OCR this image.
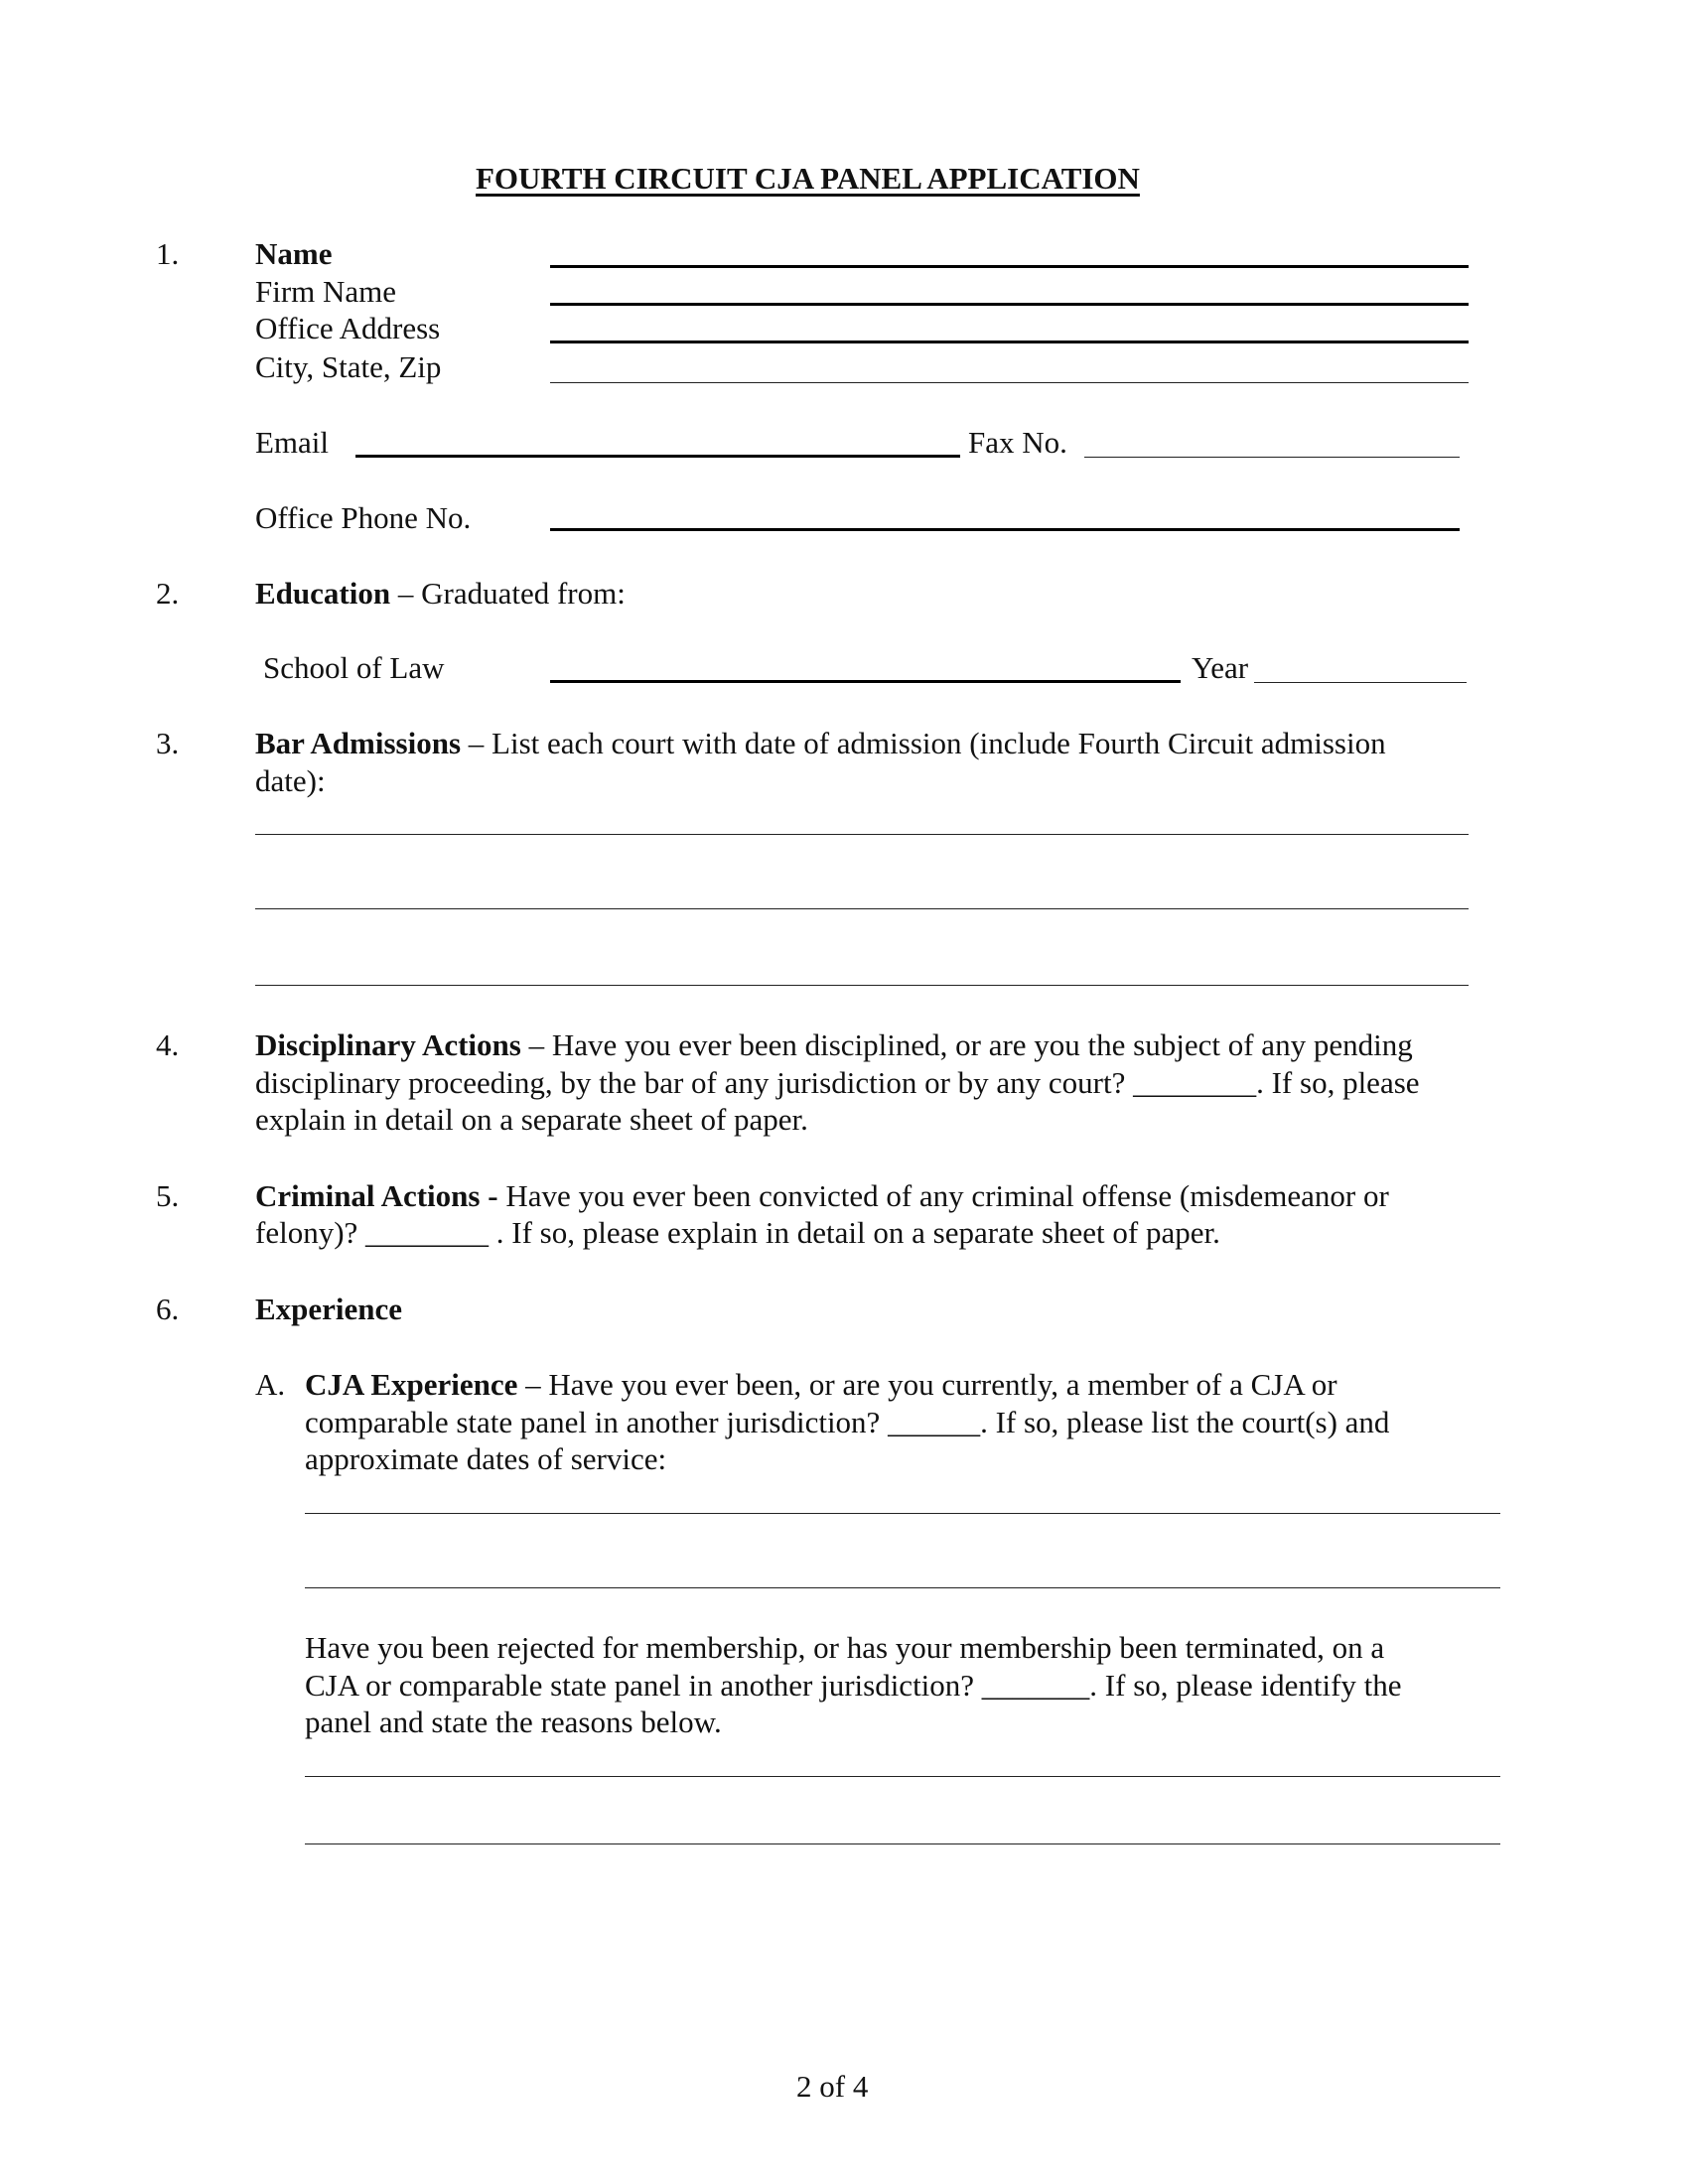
FOURTH CIRCUIT CJA PANEL APPLICATION
1. Name
Firm Name
Office Address
City, State, Zip
Email	Fax No.
Office Phone No.
2. Education – Graduated from:
School of Law	Year
3. Bar Admissions – List each court with date of admission (include Fourth Circuit admission
date):
4. Disciplinary Actions – Have you ever been disciplined, or are you the subject of any pending
disciplinary proceeding, by the bar of any jurisdiction or by any court? ________. If so, please
explain in detail on a separate sheet of paper.
5. Criminal Actions - Have you ever been convicted of any criminal offense (misdemeanor or
felony)? ________ . If so, please explain in detail on a separate sheet of paper.
6. Experience
A. CJA Experience – Have you ever been, or are you currently, a member of a CJA or
comparable state panel in another jurisdiction? ______. If so, please list the court(s) and
approximate dates of service:
Have you been rejected for membership, or has your membership been terminated, on a
CJA or comparable state panel in another jurisdiction? _______. If so, please identify the
panel and state the reasons below.
2 of 4
